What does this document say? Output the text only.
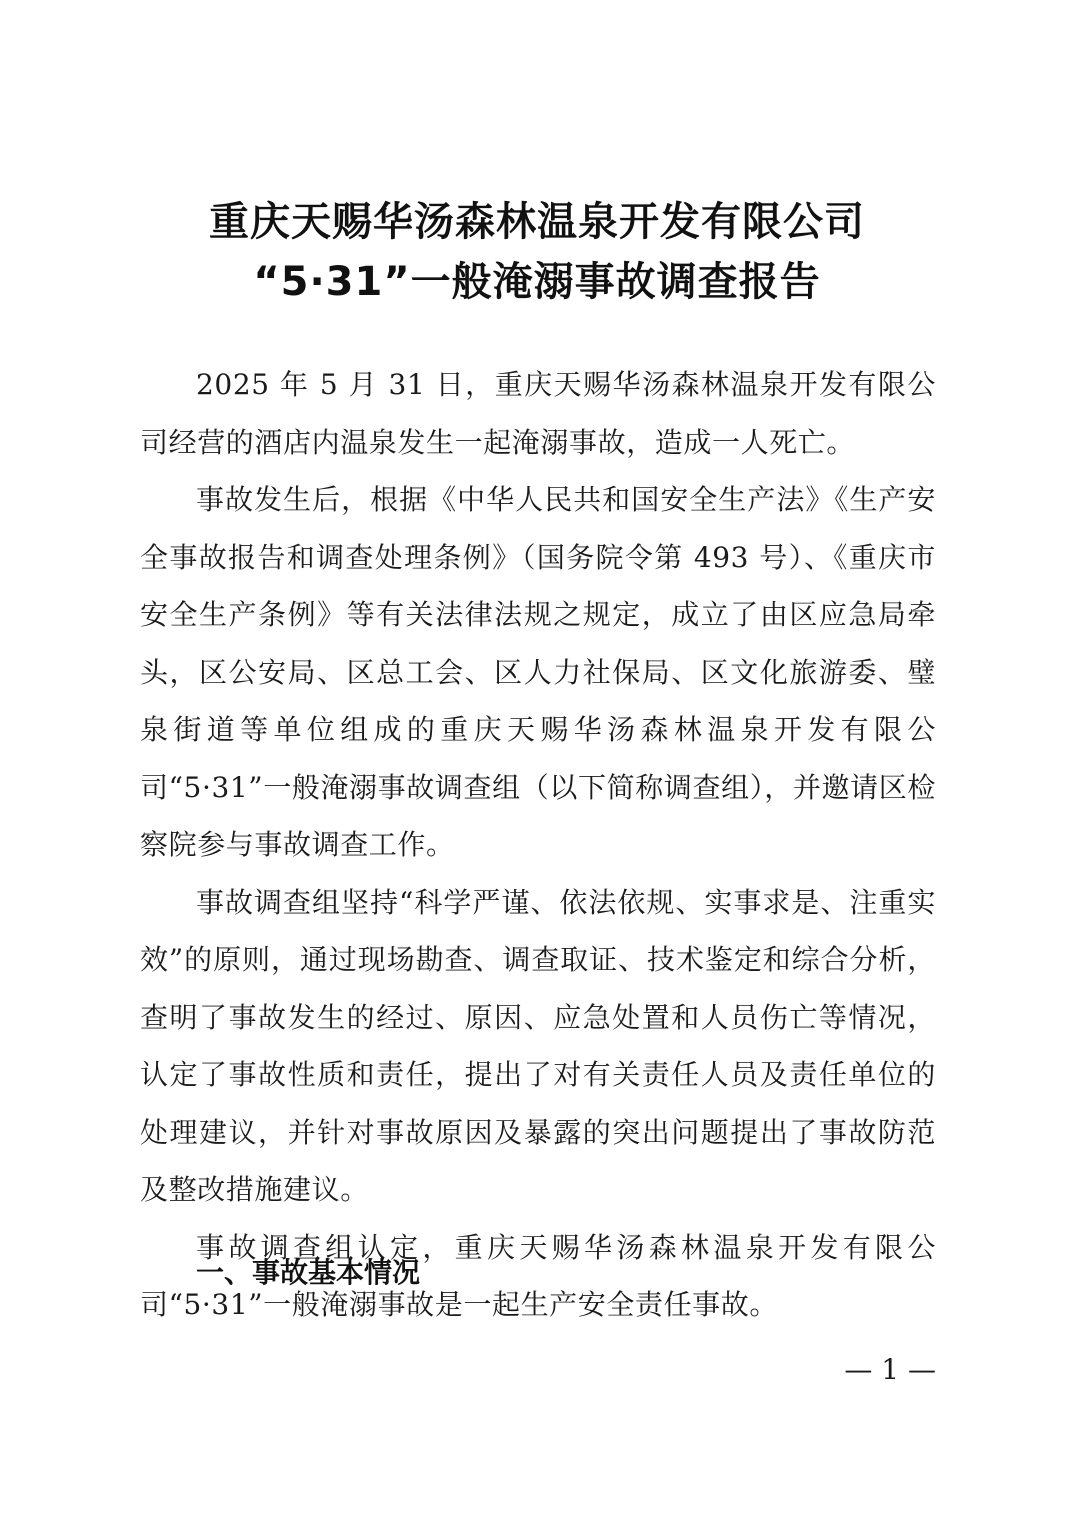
重庆天赐华汤森林温泉开发有限公司
“5·31”一般淹溺事故调查报告

2025 年 5 月 31 日，重庆天赐华汤森林温泉开发有限公司经营的酒店内温泉发生一起淹溺事故，造成一人死亡。

事故发生后，根据《中华人民共和国安全生产法》《生产安全事故报告和调查处理条例》（国务院令第 493 号）、《重庆市安全生产条例》等有关法律法规之规定，成立了由区应急局牵头，区公安局、区总工会、区人力社保局、区文化旅游委、璧泉街道等单位组成的重庆天赐华汤森林温泉开发有限公司“5·31”一般淹溺事故调查组（以下简称调查组），并邀请区检察院参与事故调查工作。

事故调查组坚持“科学严谨、依法依规、实事求是、注重实效”的原则，通过现场勘查、调查取证、技术鉴定和综合分析，查明了事故发生的经过、原因、应急处置和人员伤亡等情况，认定了事故性质和责任，提出了对有关责任人员及责任单位的处理建议，并针对事故原因及暴露的突出问题提出了事故防范及整改措施建议。

事故调查组认定，重庆天赐华汤森林温泉开发有限公司“5·31”一般淹溺事故是一起生产安全责任事故。

一、事故基本情况
— 1 —
